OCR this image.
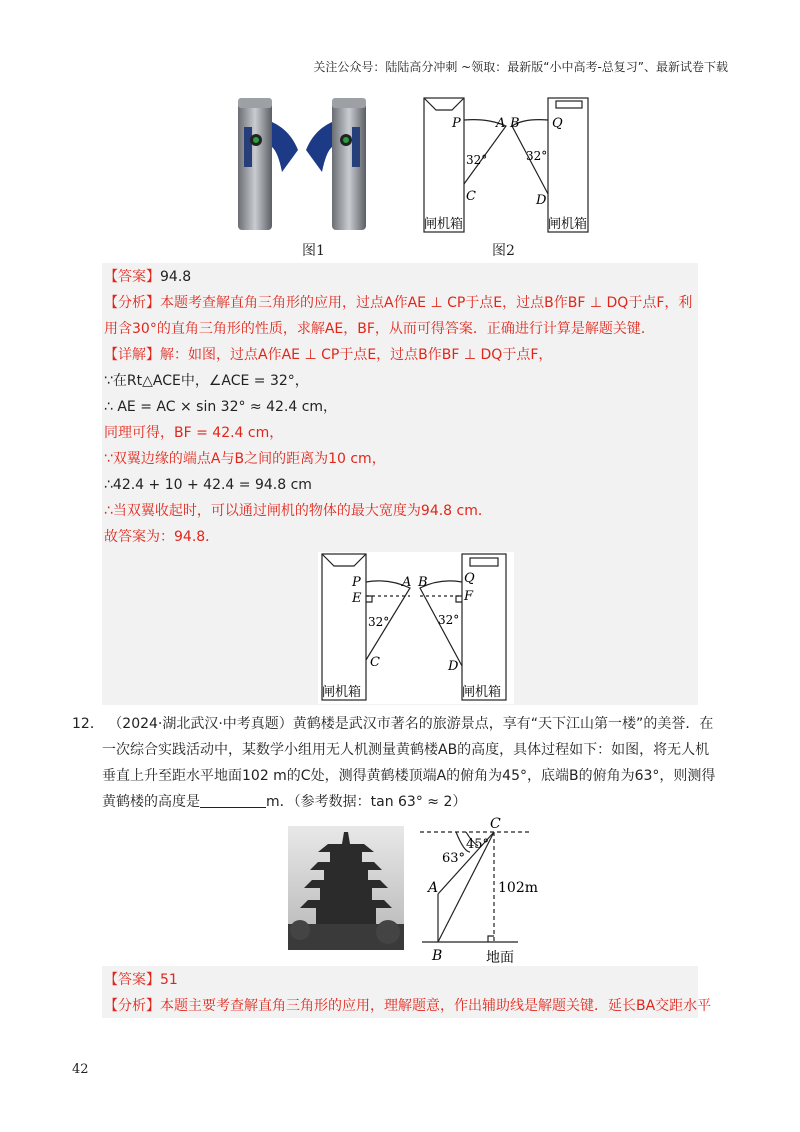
关注公众号：陆陆高分冲刺 ~领取：最新版“小中高考-总复习”、最新试卷下载
图1
P	A B Q
32°	32°
C	D
闸机箱	闸机箱
图2
【答案】94.8
【分析】本题考查解直角三角形的应用，过点A作AE ⊥ CP于点E，过点B作BF ⊥ DQ于点F，利
用含30°的直角三角形的性质，求解AE，BF，从而可得答案．正确进行计算是解题关键．
【详解】解：如图，过点A作AE ⊥ CP于点E，过点B作BF ⊥ DQ于点F，
∵在Rt△ACE中，∠ACE = 32°，
∴ AE = AC × sin 32° ≈ 42.4 cm，
同理可得，BF = 42.4 cm，
∵双翼边缘的端点A与B之间的距离为10 cm，
∴42.4 + 10 + 42.4 = 94.8 cm
∴当双翼收起时，可以通过闸机的物体的最大宽度为94.8 cm．
故答案为：94.8．
P
E
A B	Q
F
32°	32°
C	D
闸机箱	闸机箱
12． （2024·湖北武汉·中考真题）黄鹤楼是武汉市著名的旅游景点，享有“天下江山第一楼”的美誉．在
一次综合实践活动中，某数学小组用无人机测量黄鹤楼AB的高度，具体过程如下：如图，将无人机
垂直上升至距水平地面102 m的C处，测得黄鹤楼顶端A的俯角为45°，底端B的俯角为63°，则测得
黄鹤楼的高度是	m．（参考数据：tan 63° ≈ 2）
C
45°
63°
A	102m
B	地面
【答案】51
【分析】本题主要考查解直角三角形的应用，理解题意，作出辅助线是解题关键．延长BA交距水平
42
